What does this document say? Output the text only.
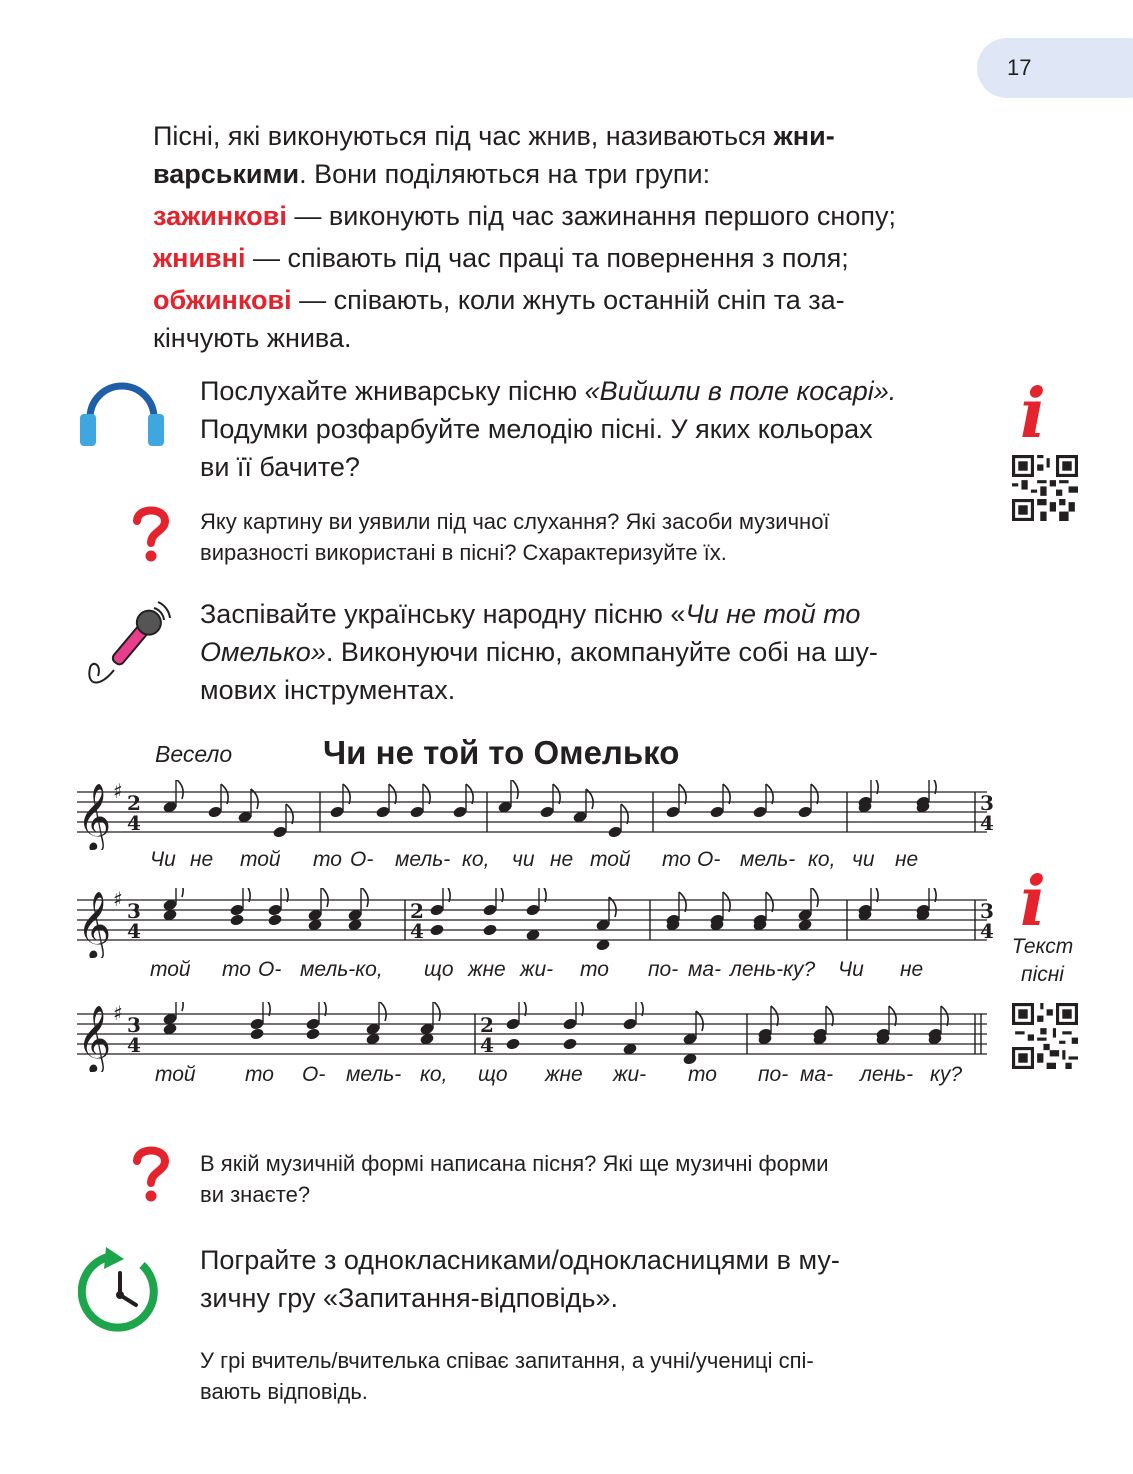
17
Пісні, які виконуються під час жнив, називаються жни-
варськими. Вони поділяються на три групи:
зажинкові — виконують під час зажинання першого снопу;
жнивні — співають під час праці та повернення з поля;
обжинкові — співають, коли жнуть останній сніп та за-
кінчують жнива.
Послухайте жниварську пісню «Вийшли в поле косарі».
Подумки розфарбуйте мелодію пісні. У яких кольорах
ви її бачите?
i
Яку картину ви уявили під час слухання? Які засоби музичної
виразності використані в пісні? Схарактеризуйте їх.
Заспівайте українську народну пісню «Чи не той то
Омелько». Виконуючи пісню, акомпануйте собі на шу-
мових інструментах.
Весело	Чи не той то Омелько
𝄞 ♯ 2
4
3
4
𝄞 ♯ 3
4
2
4
3
4
𝄞 ♯ 3
4
2
4
Чи не той то О- мель- ко, чи не той то О- мель- ко, чи не
той то О- мель-ко, що жне жи- то по- ма- лень-ку? Чи не
той то О- мель- ко, що жне жи- то по- ма- лень- ку?
i
Текст пісні
В якій музичній формі написана пісня? Які ще музичні форми
ви знаєте?
Пограйте з однокласниками/однокласницями в му-
зичну гру «Запитання-відповідь».
У грі вчитель/вчителька співає запитання, а учні/учениці спі-
вають відповідь.
